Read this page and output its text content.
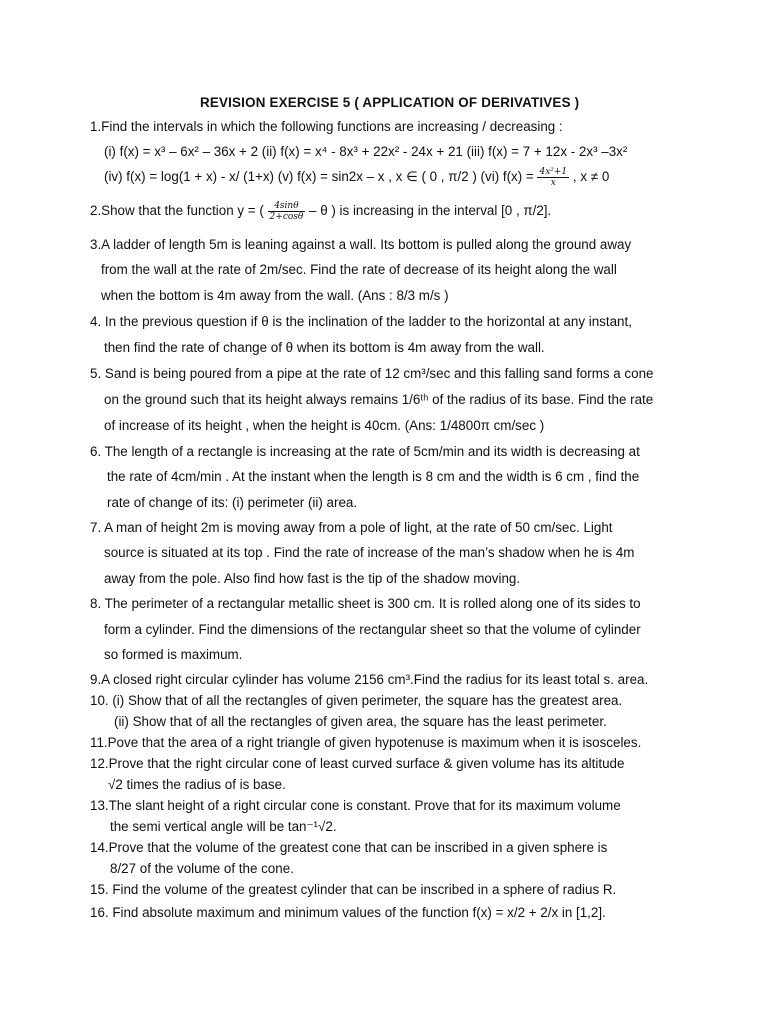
REVISION EXERCISE 5 ( APPLICATION OF DERIVATIVES )
1.Find the intervals in which the following functions are increasing / decreasing :
(i) f(x) = x³ – 6x² – 36x + 2 (ii) f(x) = x⁴ - 8x³ + 22x² - 24x + 21 (iii) f(x) = 7 + 12x - 2x³ –3x²
(iv) f(x) = log(1 + x) - x/ (1+x) (v) f(x) = sin2x – x , x ∈ ( 0 , π/2 ) (vi) $f(x) = \frac{\text{4x²+1}}{x}$ , x ≠ 0
2.Show that the function y = ( $\frac{4\sin\theta}{2+\cos\theta}$ – θ ) is increasing in the interval [0 , π/2].
3.A ladder of length 5m is leaning against a wall. Its bottom is pulled along the ground away
from the wall at the rate of 2m/sec. Find the rate of decrease of its height along the wall
when the bottom is 4m away from the wall. (Ans : 8/3 m/s )
4. In the previous question if θ is the inclination of the ladder to the horizontal at any instant,
then find the rate of change of θ when its bottom is 4m away from the wall.
5. Sand is being poured from a pipe at the rate of 12 cm³/sec and this falling sand forms a cone
on the ground such that its height always remains 1/6ᵗʰ of the radius of its base. Find the rate
of increase of its height , when the height is 40cm. (Ans: 1/4800π cm/sec )
6. The length of a rectangle is increasing at the rate of 5cm/min and its width is decreasing at
the rate of 4cm/min . At the instant when the length is 8 cm and the width is 6 cm , find the
rate of change of its: (i) perimeter (ii) area.
7. A man of height 2m is moving away from a pole of light, at the rate of 50 cm/sec. Light
source is situated at its top . Find the rate of increase of the man’s shadow when he is 4m
away from the pole. Also find how fast is the tip of the shadow moving.
8. The perimeter of a rectangular metallic sheet is 300 cm. It is rolled along one of its sides to
form a cylinder. Find the dimensions of the rectangular sheet so that the volume of cylinder
so formed is maximum.
9.A closed right circular cylinder has volume 2156 cm³.Find the radius for its least total s. area.
10. (i) Show that of all the rectangles of given perimeter, the square has the greatest area.
(ii) Show that of all the rectangles of given area, the square has the least perimeter.
11.Pove that the area of a right triangle of given hypotenuse is maximum when it is isosceles.
12.Prove that the right circular cone of least curved surface & given volume has its altitude
√2 times the radius of is base.
13.The slant height of a right circular cone is constant. Prove that for its maximum volume
the semi vertical angle will be tan⁻¹√2.
14.Prove that the volume of the greatest cone that can be inscribed in a given sphere is
8/27 of the volume of the cone.
15. Find the volume of the greatest cylinder that can be inscribed in a sphere of radius R.
16. Find absolute maximum and minimum values of the function f(x) = x/2 + 2/x in [1,2].
